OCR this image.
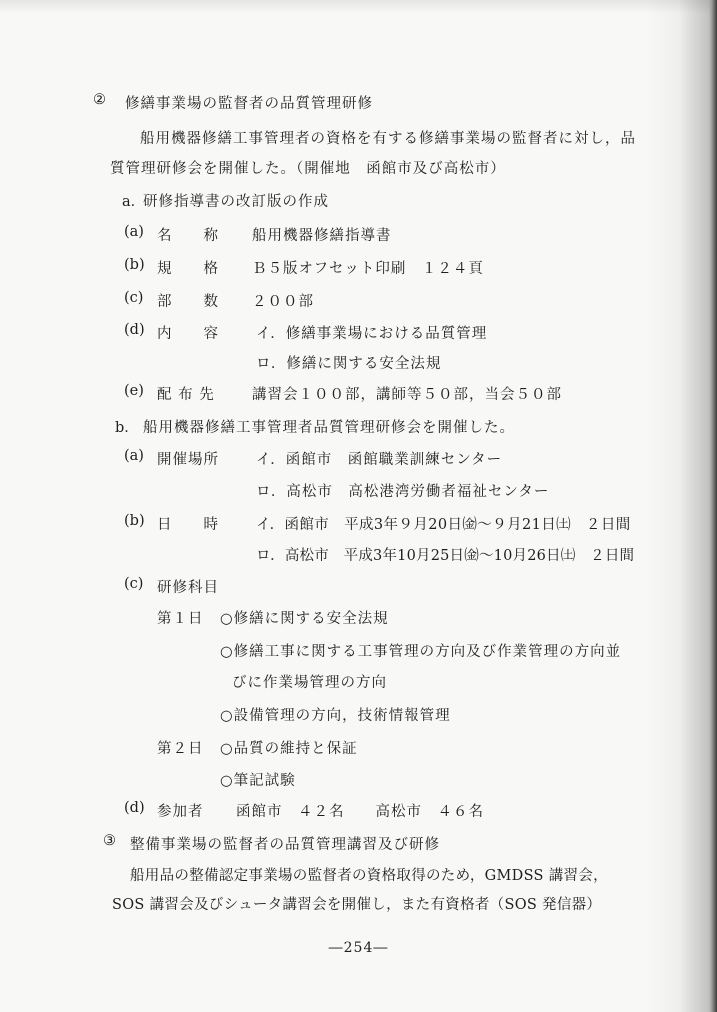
② 修繕事業場の監督者の品質管理研修
船用機器修繕工事管理者の資格を有する修繕事業場の監督者に対し，品
質管理研修会を開催した。（開催地　函館市及び高松市）
a．
研修指導書の改訂版の作成
(a) 名　　称 船用機器修繕指導書
(b) 規　　格 Ｂ５版オフセット印刷　１２４頁
(c) 部　　数 ２００部
(d) 内　　容	イ．修繕事業場における品質管理
ロ．修繕に関する安全法規
(e) 配 布 先	講習会１００部，講師等５０部，当会５０部
b． 船用機器修繕工事管理者品質管理研修会を開催した。
(a) 開催場所	イ．函館市　函館職業訓練センター
ロ．高松市　高松港湾労働者福祉センター
(b) 日　　時	イ．函館市　平成3年９月20日㈮～９月21日㈯　２日間
ロ．高松市　平成3年10月25日㈮～10月26日㈯　２日間
(c) 研修科目
第１日 ○修繕に関する安全法規
○修繕工事に関する工事管理の方向及び作業管理の方向並
びに作業場管理の方向
○設備管理の方向，技術情報管理
第２日 ○品質の維持と保証
○筆記試験
(d) 参加者 函館市　４２名　　高松市　４６名
③ 整備事業場の監督者の品質管理講習及び研修
船用品の整備認定事業場の監督者の資格取得のため，GMDSS 講習会，
SOS 講習会及びシュータ講習会を開催し，また有資格者（SOS 発信器）
―254―
